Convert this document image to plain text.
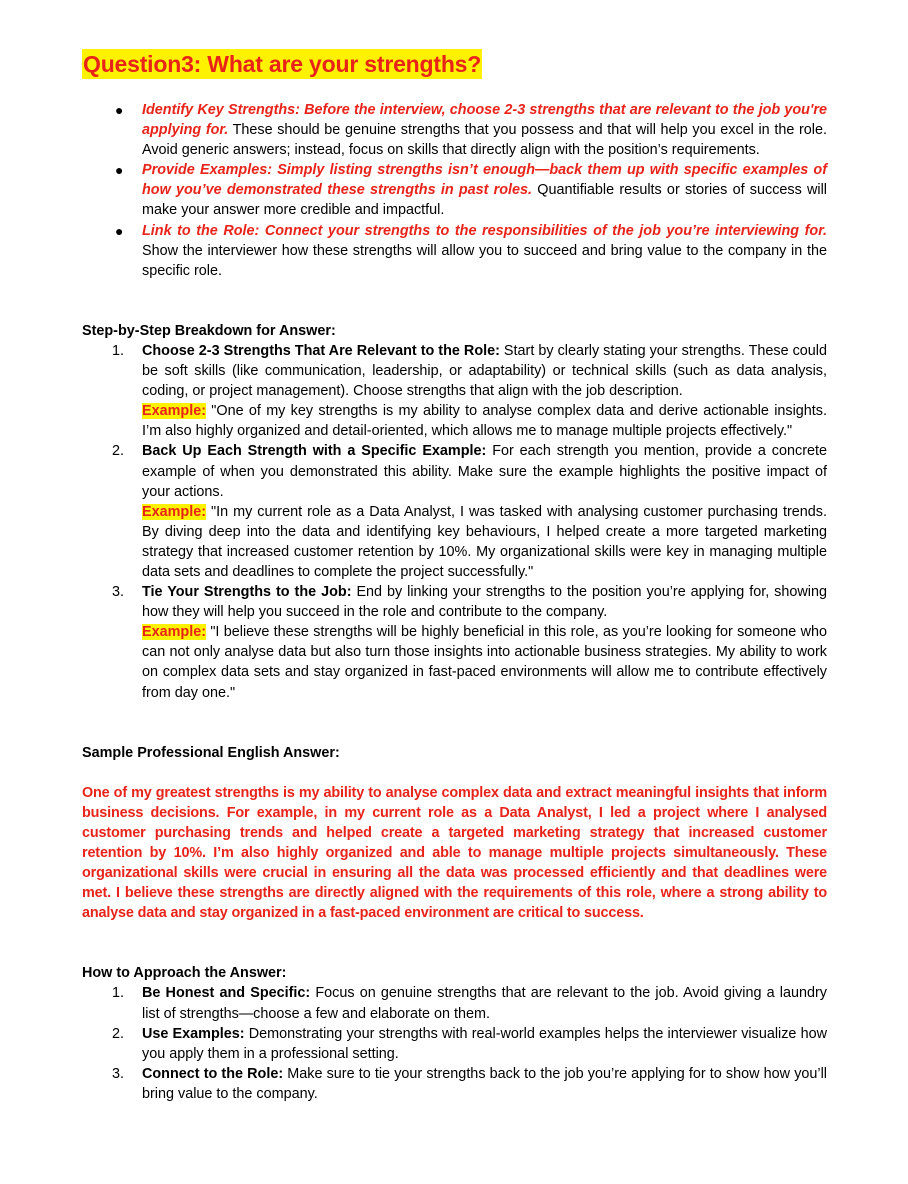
Question3: What are your strengths?
● Identify Key Strengths: Before the interview, choose 2-3 strengths that are relevant to the job you're applying for. These should be genuine strengths that you possess and that will help you excel in the role. Avoid generic answers; instead, focus on skills that directly align with the position’s requirements.
● Provide Examples: Simply listing strengths isn’t enough—back them up with specific examples of how you’ve demonstrated these strengths in past roles. Quantifiable results or stories of success will make your answer more credible and impactful.
● Link to the Role: Connect your strengths to the responsibilities of the job you’re interviewing for. Show the interviewer how these strengths will allow you to succeed and bring value to the company in the specific role.

Step-by-Step Breakdown for Answer:

1. Choose 2-3 Strengths That Are Relevant to the Role: Start by clearly stating your strengths. These could be soft skills (like communication, leadership, or adaptability) or technical skills (such as data analysis, coding, or project management). Choose strengths that align with the job description.
Example: "One of my key strengths is my ability to analyse complex data and derive actionable insights. I’m also highly organized and detail-oriented, which allows me to manage multiple projects effectively."
2. Back Up Each Strength with a Specific Example: For each strength you mention, provide a concrete example of when you demonstrated this ability. Make sure the example highlights the positive impact of your actions.
Example: "In my current role as a Data Analyst, I was tasked with analysing customer purchasing trends. By diving deep into the data and identifying key behaviours, I helped create a more targeted marketing strategy that increased customer retention by 10%. My organizational skills were key in managing multiple data sets and deadlines to complete the project successfully."
3. Tie Your Strengths to the Job: End by linking your strengths to the position you’re applying for, showing how they will help you succeed in the role and contribute to the company.
Example: "I believe these strengths will be highly beneficial in this role, as you’re looking for someone who can not only analyse data but also turn those insights into actionable business strategies. My ability to work on complex data sets and stay organized in fast-paced environments will allow me to contribute effectively from day one."

Sample Professional English Answer:

One of my greatest strengths is my ability to analyse complex data and extract meaningful insights that inform business decisions. For example, in my current role as a Data Analyst, I led a project where I analysed customer purchasing trends and helped create a targeted marketing strategy that increased customer retention by 10%. I’m also highly organized and able to manage multiple projects simultaneously. These organizational skills were crucial in ensuring all the data was processed efficiently and that deadlines were met. I believe these strengths are directly aligned with the requirements of this role, where a strong ability to analyse data and stay organized in a fast-paced environment are critical to success.

How to Approach the Answer:

1. Be Honest and Specific: Focus on genuine strengths that are relevant to the job. Avoid giving a laundry list of strengths—choose a few and elaborate on them.
2. Use Examples: Demonstrating your strengths with real-world examples helps the interviewer visualize how you apply them in a professional setting.
3. Connect to the Role: Make sure to tie your strengths back to the job you’re applying for to show how you’ll bring value to the company.
